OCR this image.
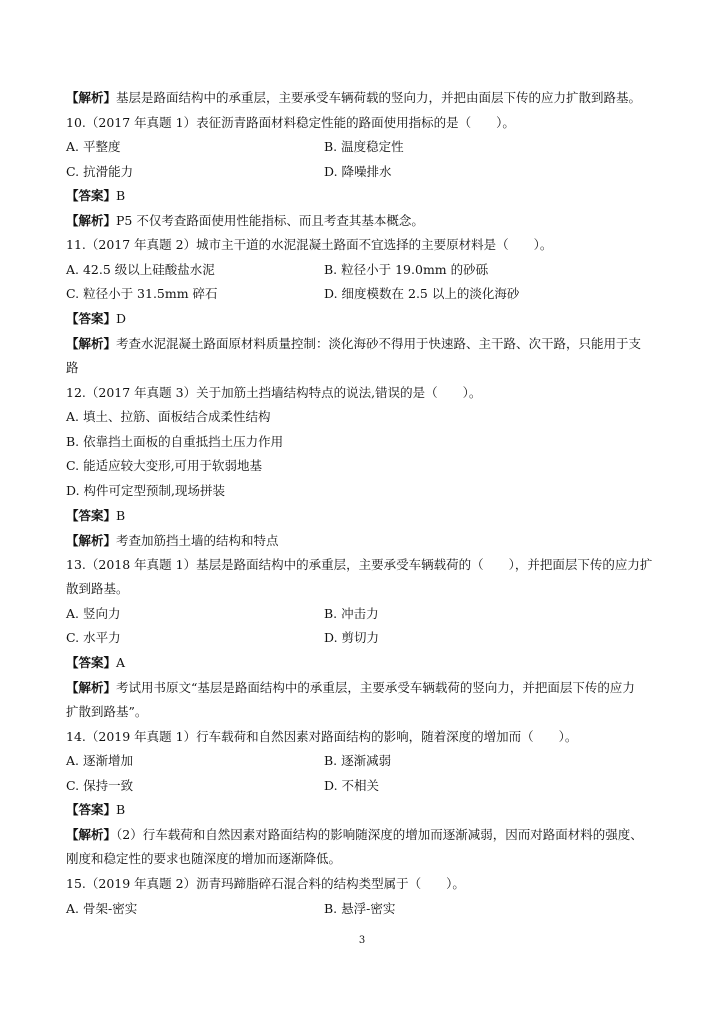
【解析】基层是路面结构中的承重层，主要承受车辆荷载的竖向力，并把由面层下传的应力扩散到路基。
10.（2017 年真题 1）表征沥青路面材料稳定性能的路面使用指标的是（　　）。
A. 平整度	B. 温度稳定性
C. 抗滑能力	D. 降噪排水
【答案】B
【解析】P5 不仅考查路面使用性能指标、而且考查其基本概念。
11.（2017 年真题 2）城市主干道的水泥混凝土路面不宜选择的主要原材料是（　　）。
A. 42.5 级以上硅酸盐水泥	B. 粒径小于 19.0mm 的砂砾
C. 粒径小于 31.5mm 碎石	D. 细度模数在 2.5 以上的淡化海砂
【答案】D
【解析】考查水泥混凝土路面原材料质量控制：淡化海砂不得用于快速路、主干路、次干路，只能用于支
路
12.（2017 年真题 3）关于加筋土挡墙结构特点的说法,错误的是（　　）。
A. 填土、拉筋、面板结合成柔性结构
B. 依靠挡土面板的自重抵挡土压力作用
C. 能适应较大变形,可用于软弱地基
D. 构件可定型预制,现场拼装
【答案】B
【解析】考查加筋挡土墙的结构和特点
13.（2018 年真题 1）基层是路面结构中的承重层，主要承受车辆载荷的（　　），并把面层下传的应力扩
散到路基。
A. 竖向力	B. 冲击力
C. 水平力	D. 剪切力
【答案】A
【解析】考试用书原文“基层是路面结构中的承重层，主要承受车辆载荷的竖向力，并把面层下传的应力
扩散到路基”。
14.（2019 年真题 1）行车载荷和自然因素对路面结构的影响，随着深度的增加而（　　）。
A. 逐渐增加	B. 逐渐减弱
C. 保持一致	D. 不相关
【答案】B
【解析】（2）行车载荷和自然因素对路面结构的影响随深度的增加而逐渐减弱，因而对路面材料的强度、
刚度和稳定性的要求也随深度的增加而逐渐降低。
15.（2019 年真题 2）沥青玛蹄脂碎石混合料的结构类型属于（　　）。
A. 骨架-密实	B. 悬浮-密实
3
